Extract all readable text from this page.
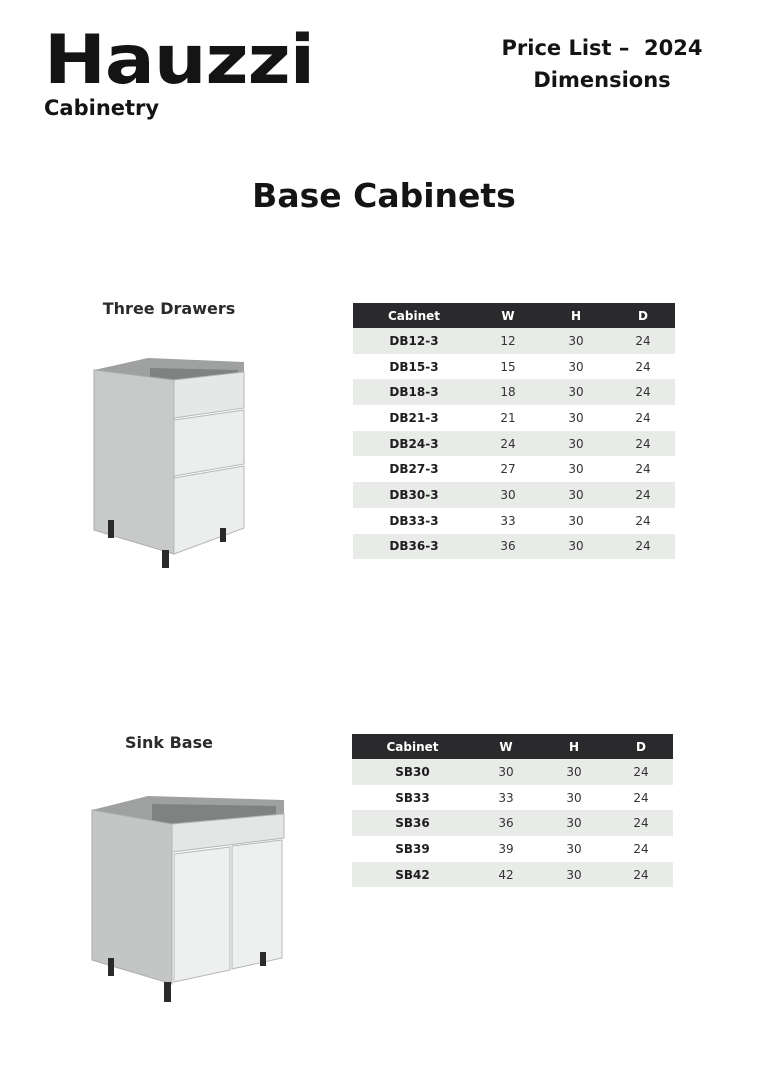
Hauzzi
Cabinetry
Price List –  2024
Dimensions
Base Cabinets
Three Drawers	Cabinet	W	H	D
DB12-3	12	30	24
DB15-3	15	30	24
DB18-3	18	30	24
DB21-3	21	30	24
DB24-3	24	30	24
DB27-3	27	30	24
DB30-3	30	30	24
DB33-3	33	30	24
DB36-3	36	30	24
Sink Base	Cabinet	W	H	D
SB30	30	30	24
SB33	33	30	24
SB36	36	30	24
SB39	39	30	24
SB42	42	30	24
